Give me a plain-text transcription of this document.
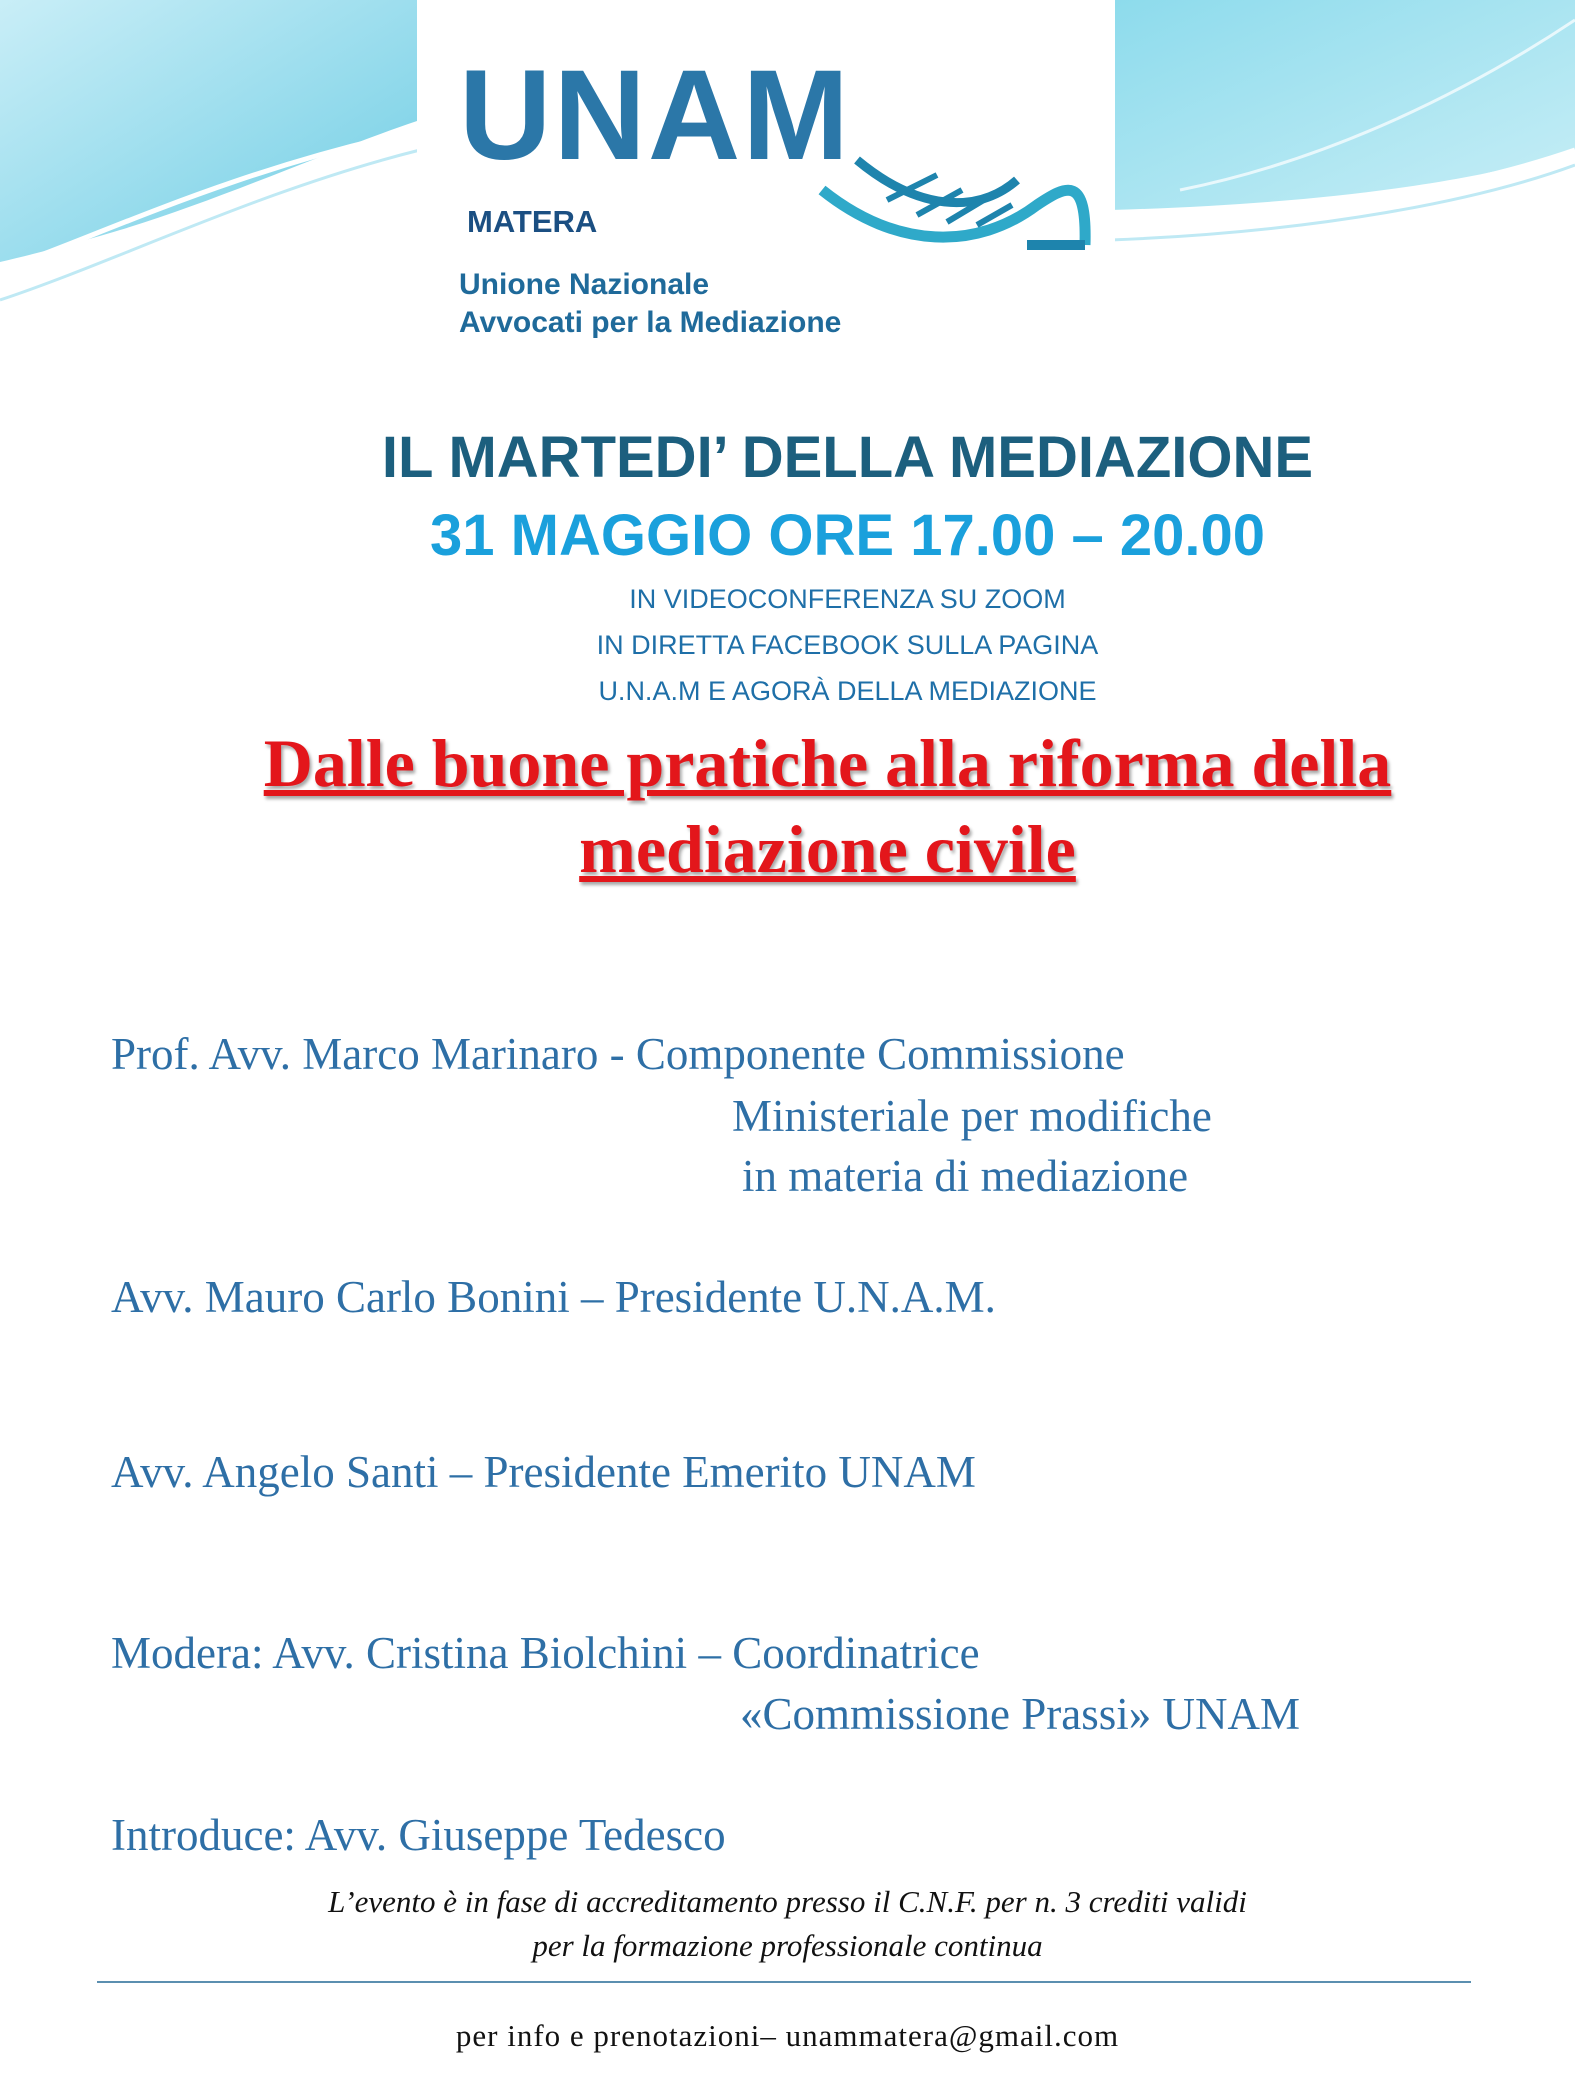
UNAM
MATERA
Unione Nazionale
Avvocati per la Mediazione
IL MARTEDI’ DELLA MEDIAZIONE
31 MAGGIO ORE 17.00 – 20.00
IN VIDEOCONFERENZA SU ZOOM
IN DIRETTA FACEBOOK SULLA PAGINA
U.N.A.M E AGORÀ DELLA MEDIAZIONE
Dalle buone pratiche alla riforma della
mediazione civile
Prof. Avv. Marco Marinaro - Componente Commissione
Ministeriale per modifiche
in materia di mediazione
Avv. Mauro Carlo Bonini – Presidente U.N.A.M.
Avv. Angelo Santi – Presidente Emerito UNAM
Modera: Avv. Cristina Biolchini – Coordinatrice
«Commissione Prassi» UNAM
Introduce: Avv. Giuseppe Tedesco
L’evento è in fase di accreditamento presso il C.N.F. per n. 3 crediti validi
per la formazione professionale continua
per info e prenotazioni– unammatera@gmail.com
